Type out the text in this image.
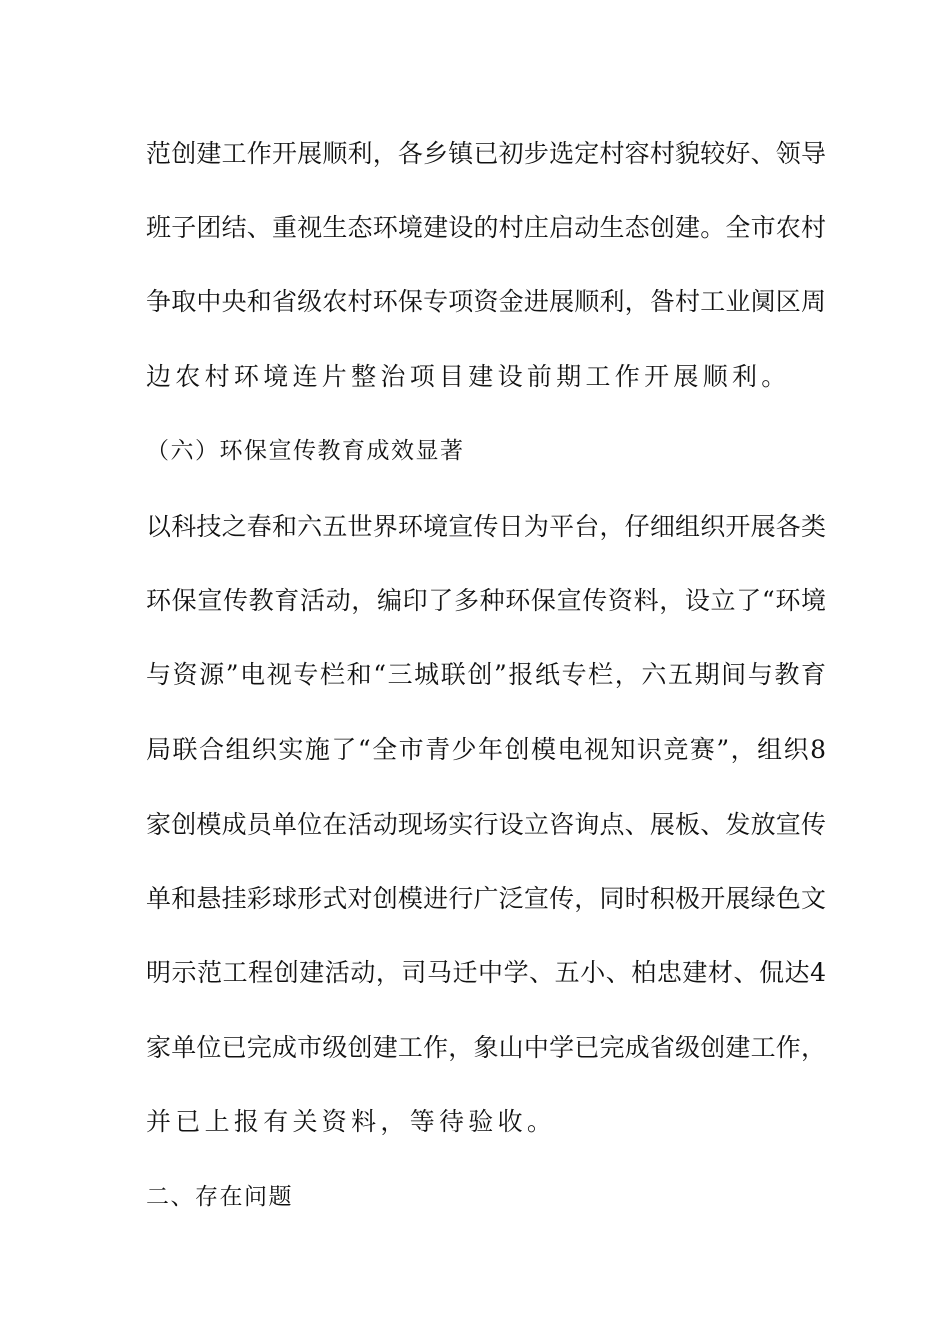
范创建工作开展顺利，各乡镇已初步选定村容村貌较好、领导
班子团结、重视生态环境建设的村庄启动生态创建。全市农村
争取中央和省级农村环保专项资金进展顺利，昝村工业阒区周
边农村环境连片整治项目建设前期工作开展顺利。
（六）环保宣传教育成效显著
以科技之春和六五世界环境宣传日为平台，仔细组织开展各类
环保宣传教育活动，编印了多种环保宣传资料，设立了“环境
与资源”电视专栏和“三城联创”报纸专栏，六五期间与教育
局联合组织实施了“全市青少年创模电视知识竞赛”，组织8
家创模成员单位在活动现场实行设立咨询点、展板、发放宣传
单和悬挂彩球形式对创模进行广泛宣传，同时积极开展绿色文
明示范工程创建活动，司马迁中学、五小、柏忠建材、侃达4
家单位已完成市级创建工作，象山中学已完成省级创建工作，
并已上报有关资料，等待验收。
二、存在问题
